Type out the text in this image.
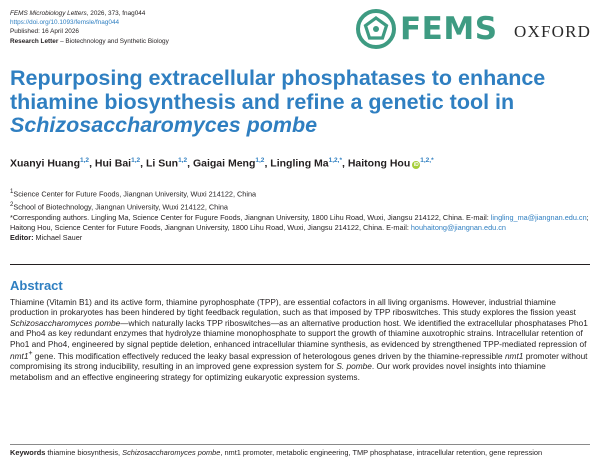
FEMS Microbiology Letters, 2026, 373, fnag044
https://doi.org/10.1093/femsle/fnag044
Published: 16 April 2026
Research Letter – Biotechnology and Synthetic Biology	FEMS OXFORD
Repurposing extracellular phosphatases to enhance
thiamine biosynthesis and refine a genetic tool in
Schizosaccharomyces pombe
Xuanyi Huang$^{1,2}$, Hui Bai$^{1,2}$, Li Sun$^{1,2}$, Gaigai Meng$^{1,2}$, Lingling Ma$^{1,2,*}$, Haitong Hou iD$^{1,2,*}$
$^1$Science Center for Future Foods, Jiangnan University, Wuxi 214122, China
$^2$School of Biotechnology, Jiangnan University, Wuxi 214122, China
*Corresponding authors. Lingling Ma, Science Center for Fugure Foods, Jiangnan University, 1800 Lihu Road, Wuxi, Jiangsu 214122, China. E-mail: lingling_ma@jiangnan.edu.cn; Haitong Hou, Science Center for Future Foods, Jiangnan University, 1800 Lihu Road, Wuxi, Jiangsu 214122, China. E-mail: houhaitong@jiangnan.edu.cn
Editor: Michael Sauer
Abstract

Thiamine (Vitamin B1) and its active form, thiamine pyrophosphate (TPP), are essential cofactors in all living organisms. However, industrial thiamine production in prokaryotes has been hindered by tight feedback regulation, such as that imposed by TPP riboswitches. This study explores the fission yeast Schizosaccharomyces pombe—which naturally lacks TPP riboswitches—as an alternative production host. We identified the extracellular phosphatases Pho1 and Pho4 as key redundant enzymes that hydrolyze thiamine monophosphate to support the growth of thiamine auxotrophic strains. Intracellular retention of Pho1 and Pho4, engineered by signal peptide deletion, enhanced intracellular thiamine synthesis, as evidenced by strengthened TPP-mediated repression of nmt1+ gene. This modification effectively reduced the leaky basal expression of heterologous genes driven by the thiamine-repressible nmt1 promoter without compromising its strong inducibility, resulting in an improved gene expression system for S. pombe. Our work provides novel insights into thiamine metabolism and an effective engineering strategy for optimizing eukaryotic expression systems.

Keywords thiamine biosynthesis, Schizosaccharomyces pombe, nmt1 promoter, metabolic engineering, TMP phosphatase, intracellular retention, gene repression
